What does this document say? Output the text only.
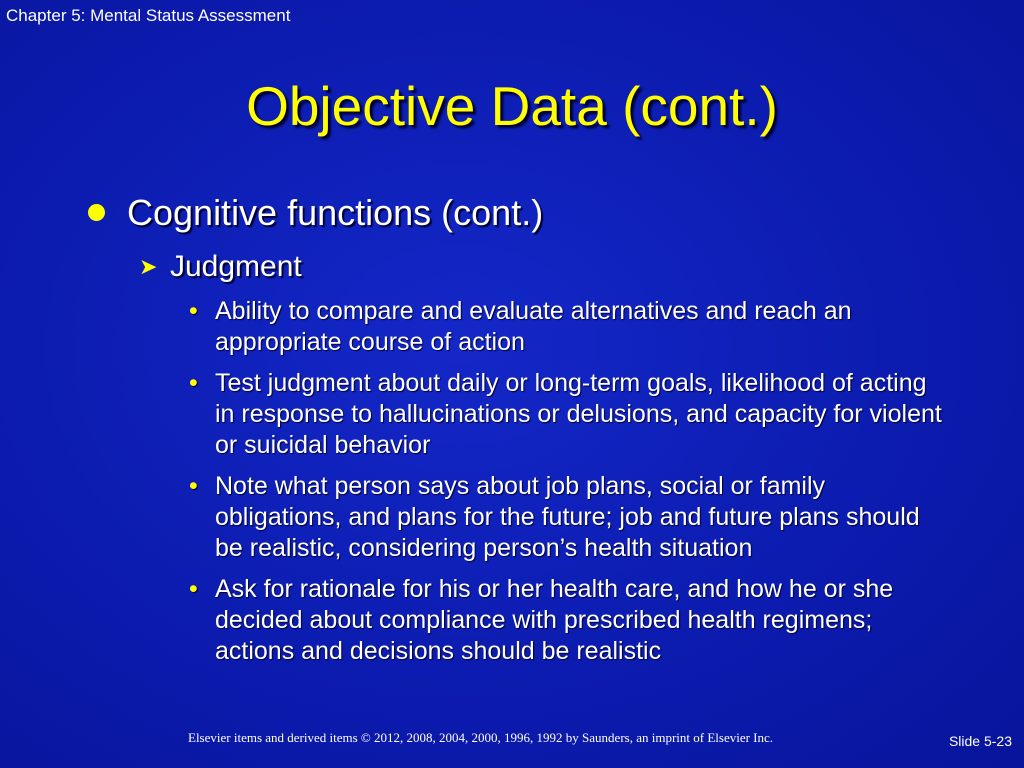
Chapter 5: Mental Status Assessment
Objective Data (cont.)
Cognitive functions (cont.)
➤ Judgment
• Ability to compare and evaluate alternatives and reach an appropriate course of action
• Test judgment about daily or long-term goals, likelihood of acting in response to hallucinations or delusions, and capacity for violent or suicidal behavior
• Note what person says about job plans, social or family obligations, and plans for the future; job and future plans should be realistic, considering person’s health situation
• Ask for rationale for his or her health care, and how he or she decided about compliance with prescribed health regimens; actions and decisions should be realistic
Elsevier items and derived items © 2012, 2008, 2004, 2000, 1996, 1992 by Saunders, an imprint of Elsevier Inc.	Slide 5-23
